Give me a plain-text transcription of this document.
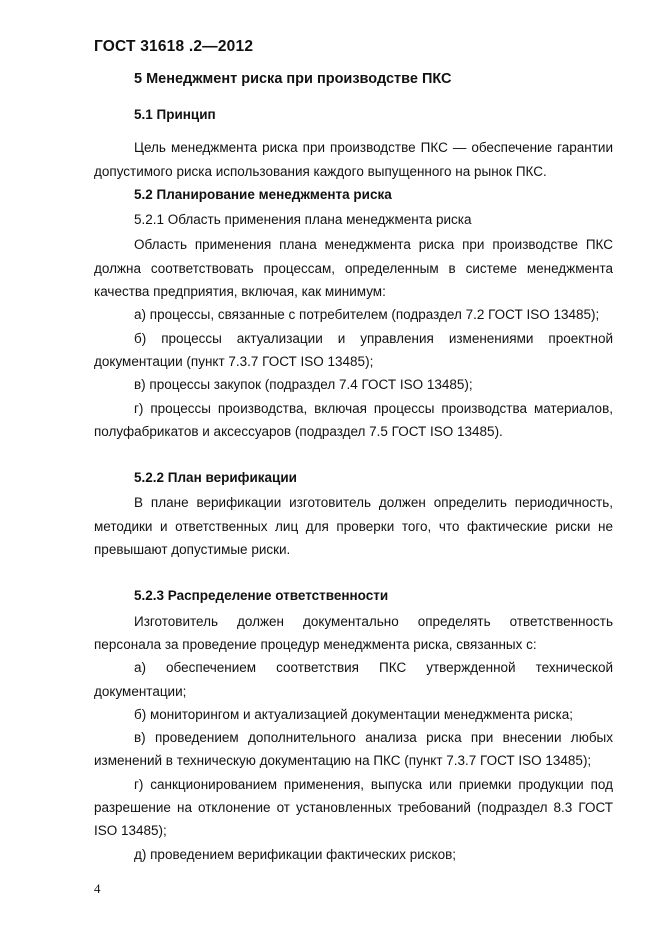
ГОСТ 31618 .2—2012
5 Менеджмент риска при производстве ПКС

5.1 Принцип

Цель менеджмента риска при производстве ПКС — обеспечение гарантии допустимого риска использования каждого выпущенного на рынок ПКС.

5.2 Планирование менеджмента риска

5.2.1 Область применения плана менеджмента риска

Область применения плана менеджмента риска при производстве ПКС должна соответствовать процессам, определенным в системе менеджмента качества предприятия, включая, как минимум:

а) процессы, связанные с потребителем (подраздел 7.2 ГОСТ ISO 13485);

б) процессы актуализации и управления изменениями проектной документации (пункт 7.3.7 ГОСТ ISO 13485);

в) процессы закупок (подраздел 7.4 ГОСТ ISO 13485);

г) процессы производства, включая процессы производства материалов, полуфабрикатов и аксессуаров (подраздел 7.5 ГОСТ ISO 13485).

5.2.2 План верификации

В плане верификации изготовитель должен определить периодичность, методики и ответственных лиц для проверки того, что фактические риски не превышают допустимые риски.

5.2.3 Распределение ответственности

Изготовитель должен документально определять ответственность персонала за проведение процедур менеджмента риска, связанных с:

а) обеспечением соответствия ПКС утвержденной технической документации;

б) мониторингом и актуализацией документации менеджмента риска;

в) проведением дополнительного анализа риска при внесении любых изменений в техническую документацию на ПКС (пункт 7.3.7 ГОСТ ISO 13485);

г) санкционированием применения, выпуска или приемки продукции под разрешение на отклонение от установленных требований (подраздел 8.3 ГОСТ ISO 13485);

д) проведением верификации фактических рисков;

4
